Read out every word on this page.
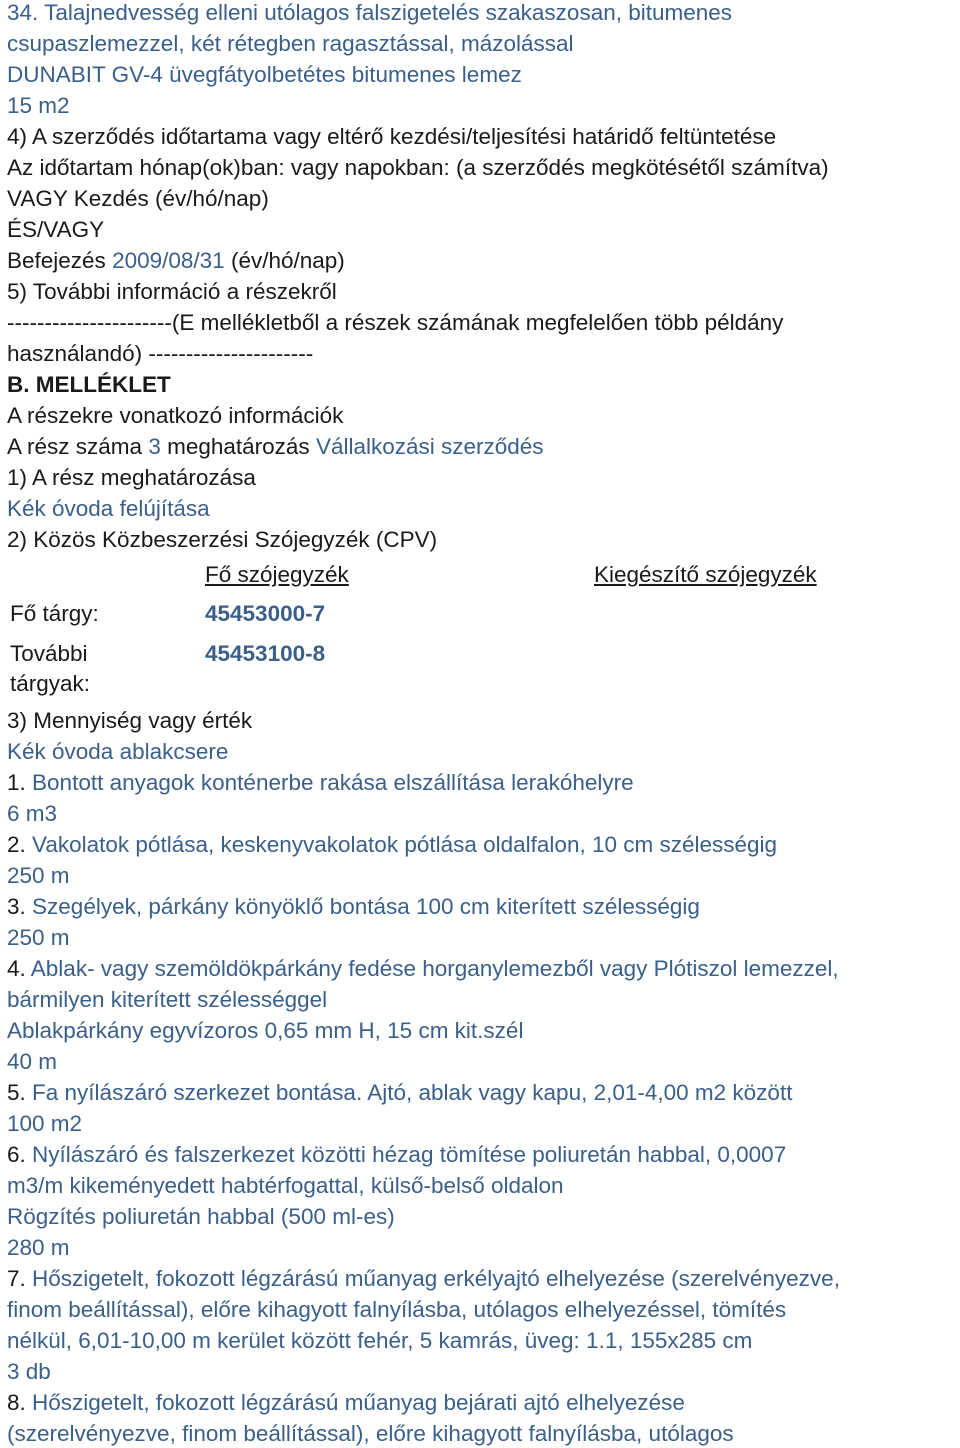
34. Talajnedvesség elleni utólagos falszigetelés szakaszosan, bitumenes
csupaszlemezzel, két rétegben ragasztással, mázolással
DUNABIT GV-4 üvegfátyolbetétes bitumenes lemez
15 m2
4) A szerződés időtartama vagy eltérő kezdési/teljesítési határidő feltüntetése
Az időtartam hónap(ok)ban: vagy napokban: (a szerződés megkötésétől számítva)
VAGY Kezdés (év/hó/nap)
ÉS/VAGY
Befejezés 2009/08/31 (év/hó/nap)
5) További információ a részekről
----------------------(E mellékletből a részek számának megfelelően több példány
használandó) ----------------------
B. MELLÉKLET
A részekre vonatkozó információk
A rész száma 3 meghatározás Vállalkozási szerződés
1) A rész meghatározása
Kék óvoda felújítása
2) Közös Közbeszerzési Szójegyzék (CPV)
Fő szójegyzék	Kiegészítő szójegyzék
Fő tárgy:	45453000-7
További
tárgyak:
45453100-8
3) Mennyiség vagy érték
Kék óvoda ablakcsere
1. Bontott anyagok konténerbe rakása elszállítása lerakóhelyre
6 m3
2. Vakolatok pótlása, keskenyvakolatok pótlása oldalfalon, 10 cm szélességig
250 m
3. Szegélyek, párkány könyöklő bontása 100 cm kiterített szélességig
250 m
4. Ablak- vagy szemöldökpárkány fedése horganylemezből vagy Plótiszol lemezzel,
bármilyen kiterített szélességgel
Ablakpárkány egyvízoros 0,65 mm H, 15 cm kit.szél
40 m
5. Fa nyílászáró szerkezet bontása. Ajtó, ablak vagy kapu, 2,01-4,00 m2 között
100 m2
6. Nyílászáró és falszerkezet közötti hézag tömítése poliuretán habbal, 0,0007
m3/m kikeményedett habtérfogattal, külső-belső oldalon
Rögzítés poliuretán habbal (500 ml-es)
280 m
7. Hőszigetelt, fokozott légzárású műanyag erkélyajtó elhelyezése (szerelvényezve,
finom beállítással), előre kihagyott falnyílásba, utólagos elhelyezéssel, tömítés
nélkül, 6,01-10,00 m kerület között fehér, 5 kamrás, üveg: 1.1, 155x285 cm
3 db
8. Hőszigetelt, fokozott légzárású műanyag bejárati ajtó elhelyezése
(szerelvényezve, finom beállítással), előre kihagyott falnyílásba, utólagos
